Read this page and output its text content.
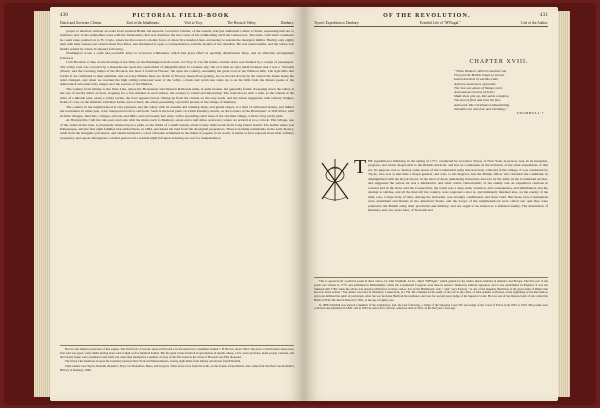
430	PICTORIAL FIELD-BOOK
Dutch and Governor Clinton.	Zeal of the Inhabitants.	Visit to Troy.	The Hoosick Valley.	Danbury.

proper to interfere without an order from General Heath, his superior. Governor Clinton, of the Guards, had just addressed a letter to Stark, requesting him not to interfere; and, as his sympathies were with the Vermonters, that was therefore the true cause of his withholding aid from Gansevoort. The latter, with what volunteers he could raise, pushed on to Ft. Coyle, where he discovered a motley force of about five hundred men, advancing to sustain the insurgent militia. Having only eighty men with him, Gansevoort retired about five miles, and attempted to open a correspondence with the leaders of the rebellion. He was unsuccessful, and the whole was finally settled by action in January following.

Washington wrote a calm and powerful letter to Governor Chittenden, which had great effect in quelling disturbances there, and an amicable arrangement followed.

I left Hoosick at nine on the morning of the 20th, on the Bennington mail-coach, for Troy. It was fall inside, and the drive was flanked by a couple of passengers. The valley road was crowded by a sharpshooter, upon the roadcombat of delightful place in a leisure day; the cool mist as one's landlord knew that I was a ' Hoosick citizen,' and the towering lumps of the Hoosick, the more I found in Hoosac, the upon the country, ascending the great road of the Walloon hills. The light hills that border it are cultivated to their summits, and on every hillside there are fields of flowery sheep most grazing. As we moved slowly up the canton the shade broke the wind changed, and when we reached the high rolling table-land west of the valley, a fresh and warm sun came up to us the hills from the distant peaks of the Adirondack and other lofty ranges near the sources of the Hudson.

The country from Albany to the State Line, where the Housatonic and Western Railroads unite, is quite broken, but generally fertile. Sweeping down the valley at the rate of twenty miles an hour, stopping for a few minutes at each station, the scenery is varied and interesting. The train moves with a rush, as the wheels at the sides of a hillside pass, along a valley ravine, the river appears below. Taking up from the current on the easy north, and the whole suggestive with railway bridges, fields of corn, on the hillsides with their farms, and orchard, the whole presenting a graceful picture of the village of Danbury.

The country in the neighborhood is very pleasant, and the valley with its streams and winding lanes, and gentle slopes, is a land of cultivated beauty, and thither the townsmen, in times past, were transported both to and from. Such is the level plain on which Danbury stands, on the borders of the Housatonic or Still River, with its little villages, churches, cottages, schools, and mills, and one twenty feet wide, with a spreading cedar trees of the old-time village, with its forty pretty girls.

At Hawleyville I left the rail-road, and rode with the mail-coach to Danbury, seven and a half miles westward, where we arrived at two o'clock. This village, one of the oldest in the state, is pleasantly situated upon a plain on the banks of a small stream, about twenty miles north from Long Island Sound. The Indian name was Pahquioque, and the first eight families that settled there, in 1684, purchased the land from the aboriginal proprietors. There is nothing remarkable in the early history, aside from the struggles, privations, and alarms incident to a new Christian settlement in the midst of pagans; in its worth, it seems to have enjoyed more than ordinary prosperity, and repose through the colonial period, but a terrible night fell upon it during our war for independence.

Hood is the simple production of this engine. The first flock of Saxony sheep in Hoosick was introduced by a drummer named J. H. Brown, about 1824. The price at which these sheep were first sold was great, some lambs having been sold as high as five hundred dollars. But the great losses incurred in speculation in merino sheep, a few years previous, made people cautious, and the Saxony sheep were considered only fairly but when they multiplied, a number of ewes of the first breed in the Town of Hoosick was fifty thousand.

The Stone Line mentions in upon the boundary between New York and Massachusetts, twenty-eight miles from Albany and eleven from Pittsfield.

Their names were Taylor, Barnum, Benedict, Hoyt, two Benedicts, Burrs, and Gregory. Their wives were from Norwalk, on the Sound, except Bench, who came from Stratford. See Robbins's History of Danbury, 1846.

OF THE REVOLUTION.	431
Tryon's Expedition to Danbury.	Eventful Life of "M'Fingal."	Life of the Author.
CHAPTER XVIII.
" When Yankees, skill'd in martial rule,
First put the British troops to school;
Instructed them in warlike trade,
And new maneuvres of parade;
The true war-dance of Yankee reels,
And manual exercise of heels;
Made them give up, like saints complete,
The arm of flesh and trust the feet,
And work, like Christians undissembling,
Salvation out with fear and trembling."
TRUMBULL.*
T HE expedition to Danbury, in the spring of 1777, conducted by Governor Tryon, of New York, in person, was, in its inception, progress, and result, disgraceful to the British character, and has no counterpart in the barbarity of the other expeditions of that era. Its purpose was to destroy some stores of the Continental army that had been collected at the village. It was conducted by Tryon, who was at that time a major-general, and who, to his disgrace, has the British officer who obtained the command, in distinguished with the Royal forces, in the most of those plundering incursions and acts by the army in the Continental section, and suggested the whose he was a ministerial, and other whole characteristic of the enemy was an expedition cautious in counsel and in the field, and the Connecticut, the result was a deep stain, vexation, and consequence, and intimidated, and the attempt to subdue, and all the men left the country, were prepared a shot at, and ultimately thrashed also, on the enemy of the time, was, a large body of men. Among the barbarian, was strongly conditioned, and most cruel. But those very Continentals were assembled and Rebels in the American States, and the troops of the neighbourhood were called out, and they were resistance the British army, their provincial and military; and not ought to be treated as a defeated enemy. The destruction of Danbury, and, two years later, of Norwalk and

This is quoted from a political poem in three cantos, by John Trumbull, LL.D., called "M'Fingal," which gained for the author much celebrity in America and Europe. The first part of the poem was written in 1775, and published in Philadelphia, where the Continental Congress were then in session. Numerous editions appeared, and it was republished in England. It was not finished until 1782, when the whole was printed at Hartford, in three cantos. It is in the Hudibrastic vein, " and," says Everett, " is one of the happiest imitations of the great satire of Butler that has ever been written." The author was born in Westbury, Connecticut, in 1750. He commenced the study of the law in the office of John Adams, in Boston, at the beginning of the Revolution, and soon imbibed the spirit of patriotism. After the war he made Hartford his residence, and was for several years judge of the Superior Court. He was one of the famous band of wits called the Hartford Wits. He died at Detroit in 1831, at the age of eighty-one.

In 1808 Trumbull was elected a member of the Legislature, and, the year following, a Judge of the Supreme Court. He was Judge of the Court of Errors from 1801 to 1819. His poems were collected and published in 1820, and in 1825 he removed to Detroit, where he died in 1831, in the 82d year of his age.
